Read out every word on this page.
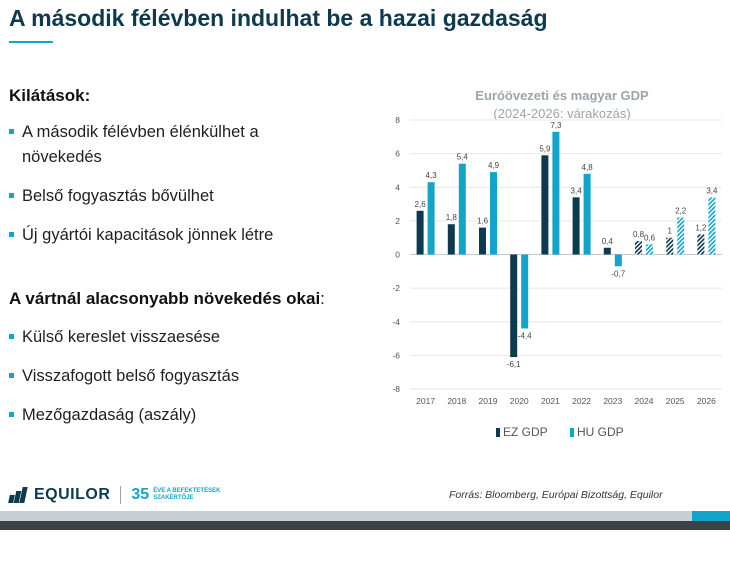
A második félévben indulhat be a hazai gazdaság
Kilátások:
A második félévben élénkülhet a
növekedés
Belső fogyasztás bővülhet
Új gyártói kapacitások jönnek létre
A vártnál alacsonyabb növekedés okai:
Külső kereslet visszaesése
Visszafogott belső fogyasztás
Mezőgazdaság (aszály)
Euróövezeti és magyar GDP
(2024-2026: várakozás)
-8
-6
-4
-2
0
2
4
6
8
2,6
4,3
2017
1,8
5,4
2018
1,6
4,9
2019
-6,1
-4,4
2020
5,9
7,3
2021
3,4
4,8
2022
0,4
-0,7
2023
0,8 0,6
2024
1
2,2
2025
1,2
3,4
2026
EZ GDP HU GDP
EQUILOR 35 ÉVE A BEFEKTETÉSEK
SZAKÉRTŐJE	Forrás: Bloomberg, Európai Bizottság, Equilor
